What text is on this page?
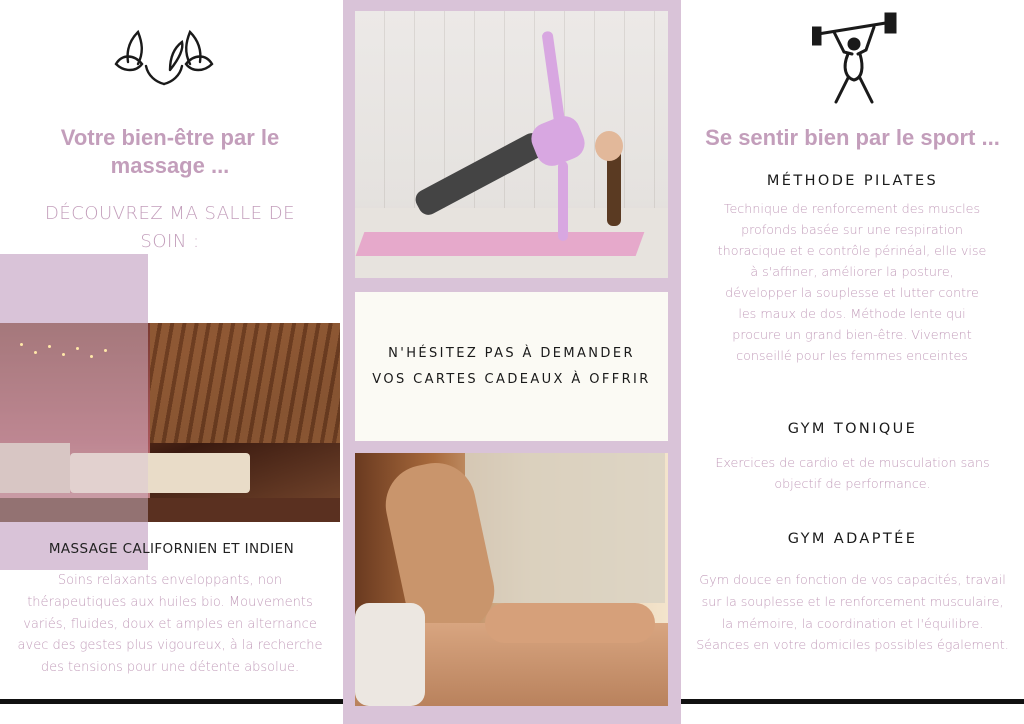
Votre bien-être par le massage ...
DÉCOUVREZ MA SALLE DE SOIN :
MASSAGE CALIFORNIEN ET INDIEN
Soins relaxants enveloppants, non thérapeutiques aux huiles bio. Mouvements variés, fluides, doux et amples en alternance avec des gestes plus vigoureux, à la recherche des tensions pour une détente absolue.
N'HÉSITEZ PAS À DEMANDER VOS CARTES CADEAUX À OFFRIR
Se sentir bien par le sport ...
MÉTHODE PILATES
Technique de renforcement des muscles profonds basée sur une respiration thoracique et e contrôle périnéal, elle vise à s'affiner, améliorer la posture, développer la souplesse et lutter contre les maux de dos. Méthode lente qui procure un grand bien-être. Vivement conseillé pour les femmes enceintes
GYM TONIQUE
Exercices de cardio et de musculation sans objectif de performance.
GYM ADAPTÉE
Gym douce en fonction de vos capacités, travail sur la souplesse et le renforcement musculaire, la mémoire, la coordination et l'équilibre. Séances en votre domiciles possibles également.
